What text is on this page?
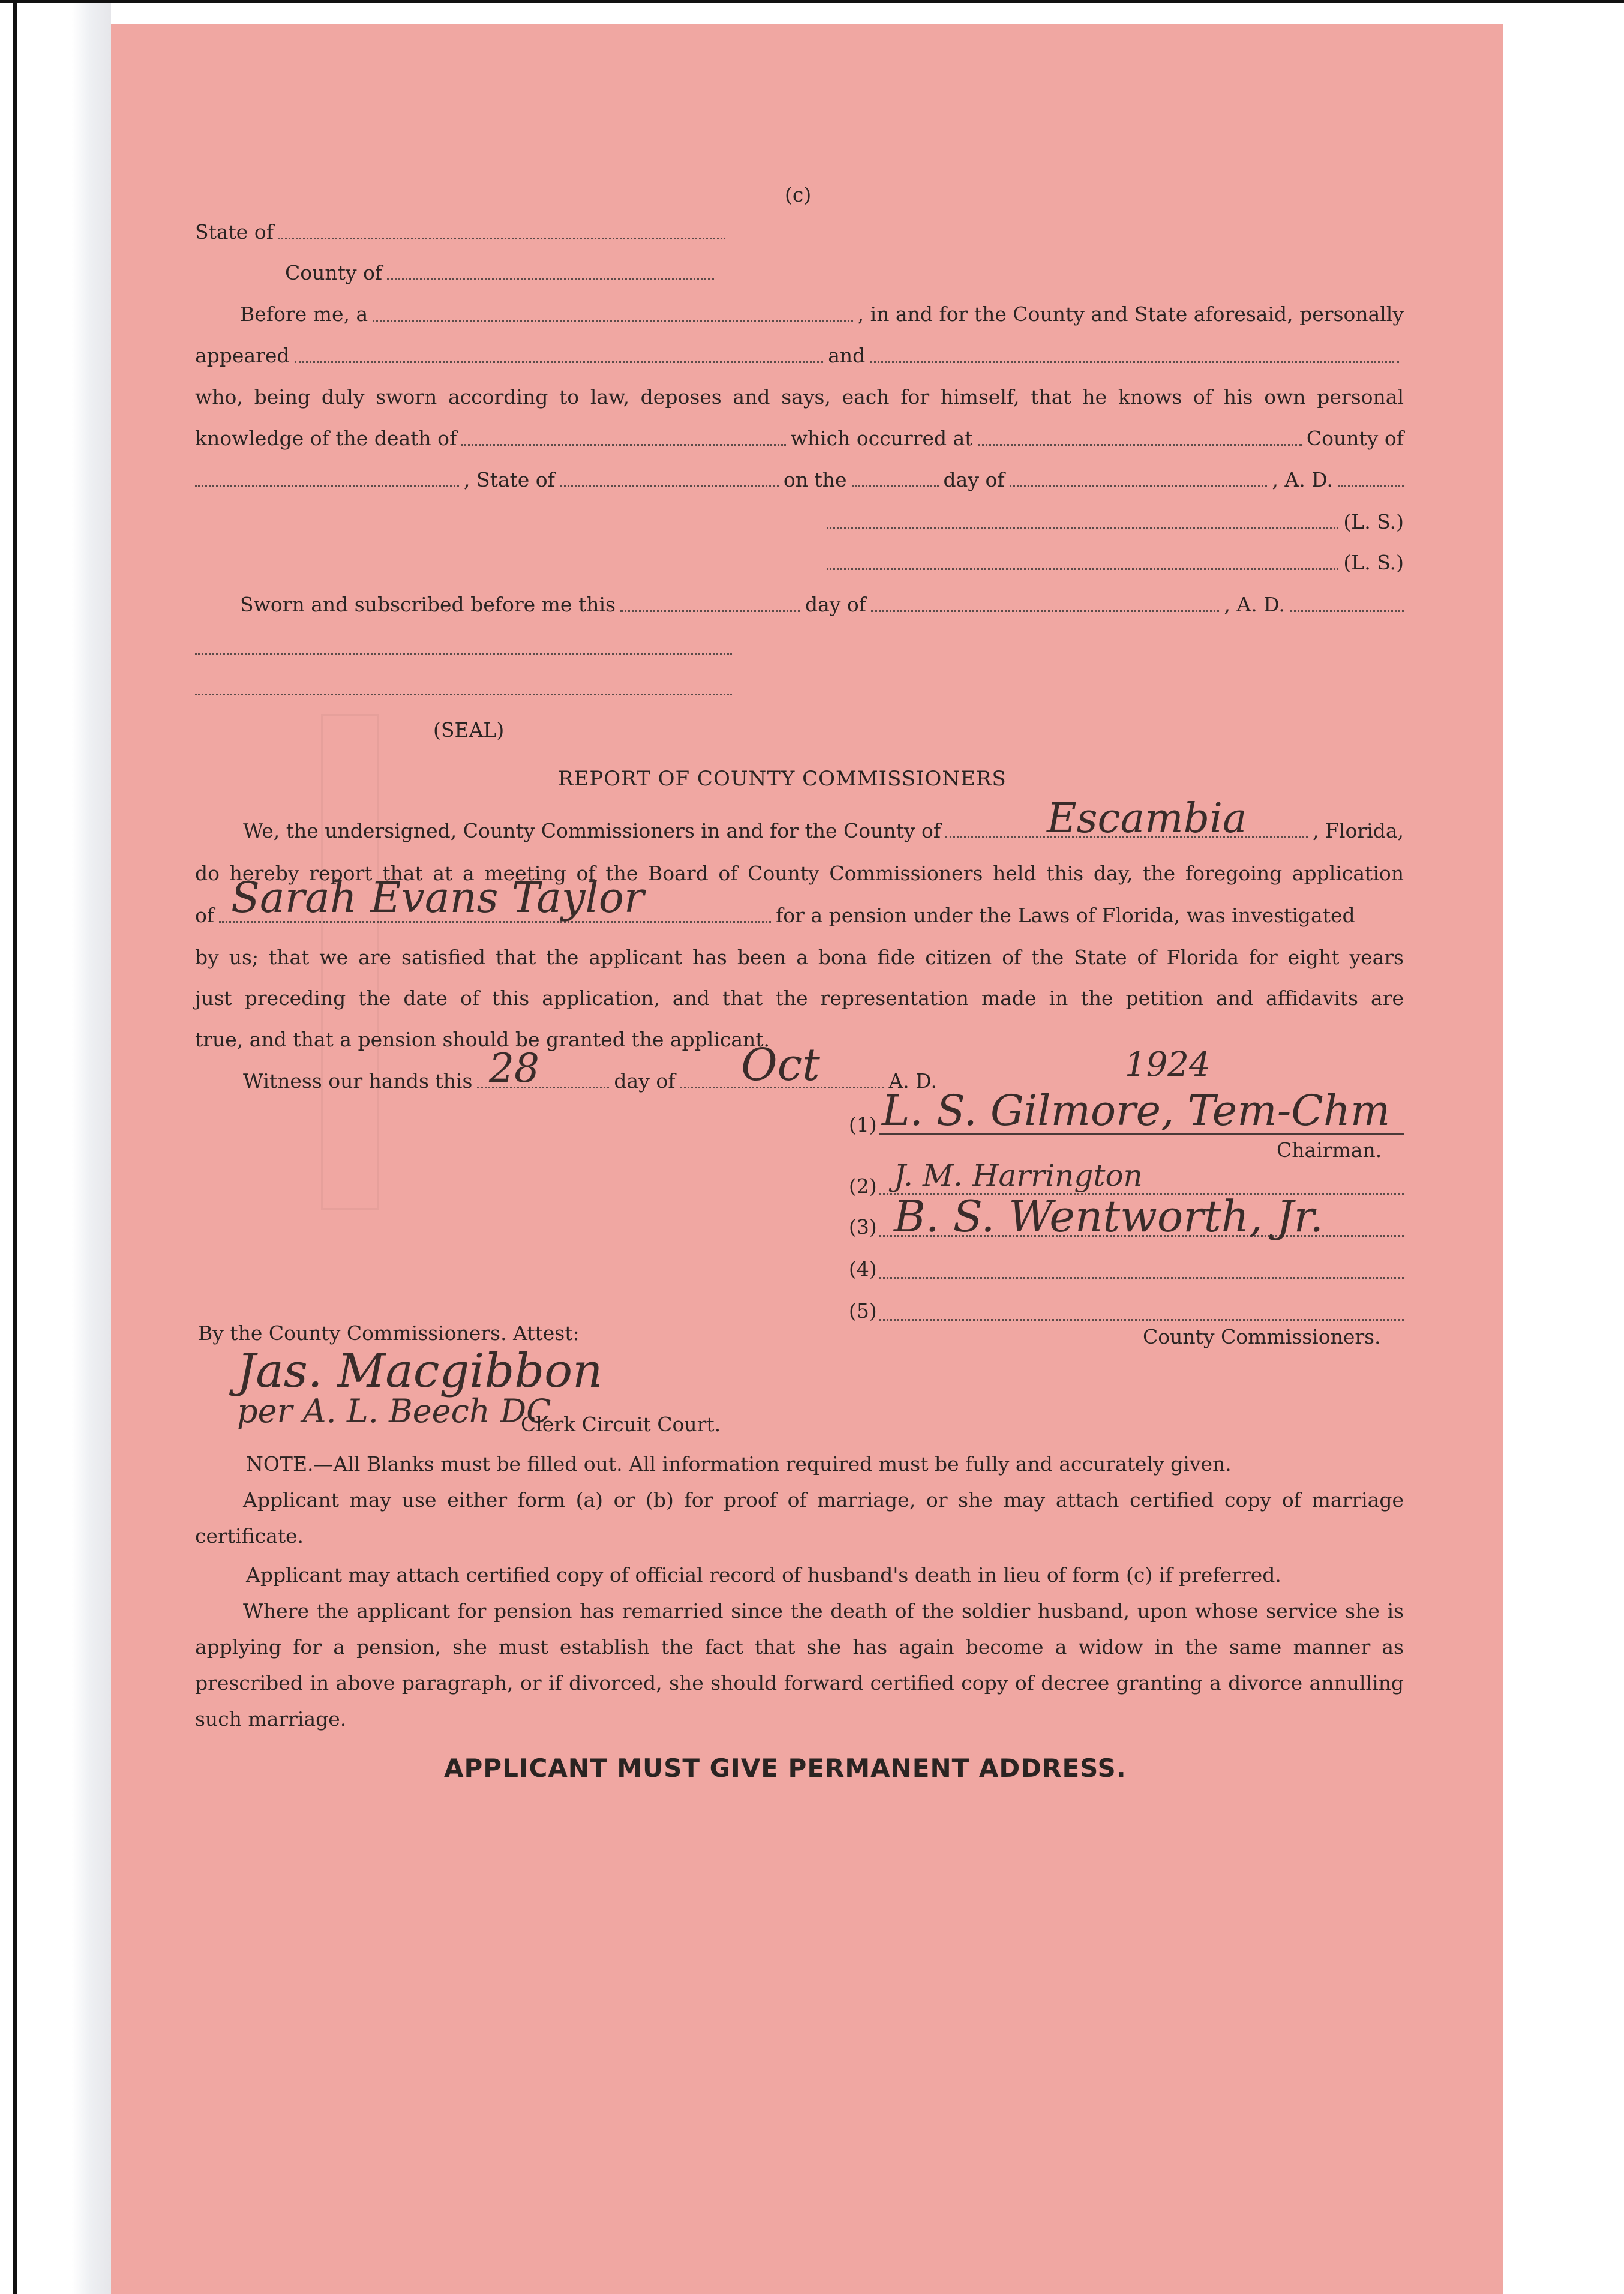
(c)
State of
County of
Before me, a	, in and for the County and State aforesaid, personally
appeared	and
who, being duly sworn according to law, deposes and says, each for himself, that he knows of his own personal
knowledge of the death of	which occurred at	County of
, State of	on the	day of	, A. D.
(L. S.)
(L. S.)
Sworn and subscribed before me this	day of	, A. D.
(SEAL)
REPORT OF COUNTY COMMISSIONERS
We, the undersigned, County Commissioners in and for the County of	, Florida,
Escambia
do hereby report that at a meeting of the Board of County Commissioners held this day, the foregoing application
of	for a pension under the Laws of Florida, was investigated
Sarah Evans Taylor
by us; that we are satisfied that the applicant has been a bona fide citizen of the State of Florida for eight years
just preceding the date of this application, and that the representation made in the petition and affidavits are
true, and that a pension should be granted the applicant.
Witness our hands this	day of	A. D.
28	Oct	1924
(1) L. S. Gilmore, Tem-Chm
Chairman.
(2) J. M. Harrington
(3) B. S. Wentworth, Jr.
(4)
(5)
County Commissioners.
By the County Commissioners. Attest:
Jas. Macgibbon
per A. L. Beech DC
Clerk Circuit Court.
NOTE.—All Blanks must be filled out. All information required must be fully and accurately given.
Applicant may use either form (a) or (b) for proof of marriage, or she may attach certified copy of marriage certificate.
Applicant may attach certified copy of official record of husband's death in lieu of form (c) if preferred.
Where the applicant for pension has remarried since the death of the soldier husband, upon whose service she is applying for a pension, she must establish the fact that she has again become a widow in the same manner as prescribed in above paragraph, or if divorced, she should forward certified copy of decree granting a divorce annulling such marriage.
APPLICANT MUST GIVE PERMANENT ADDRESS.
